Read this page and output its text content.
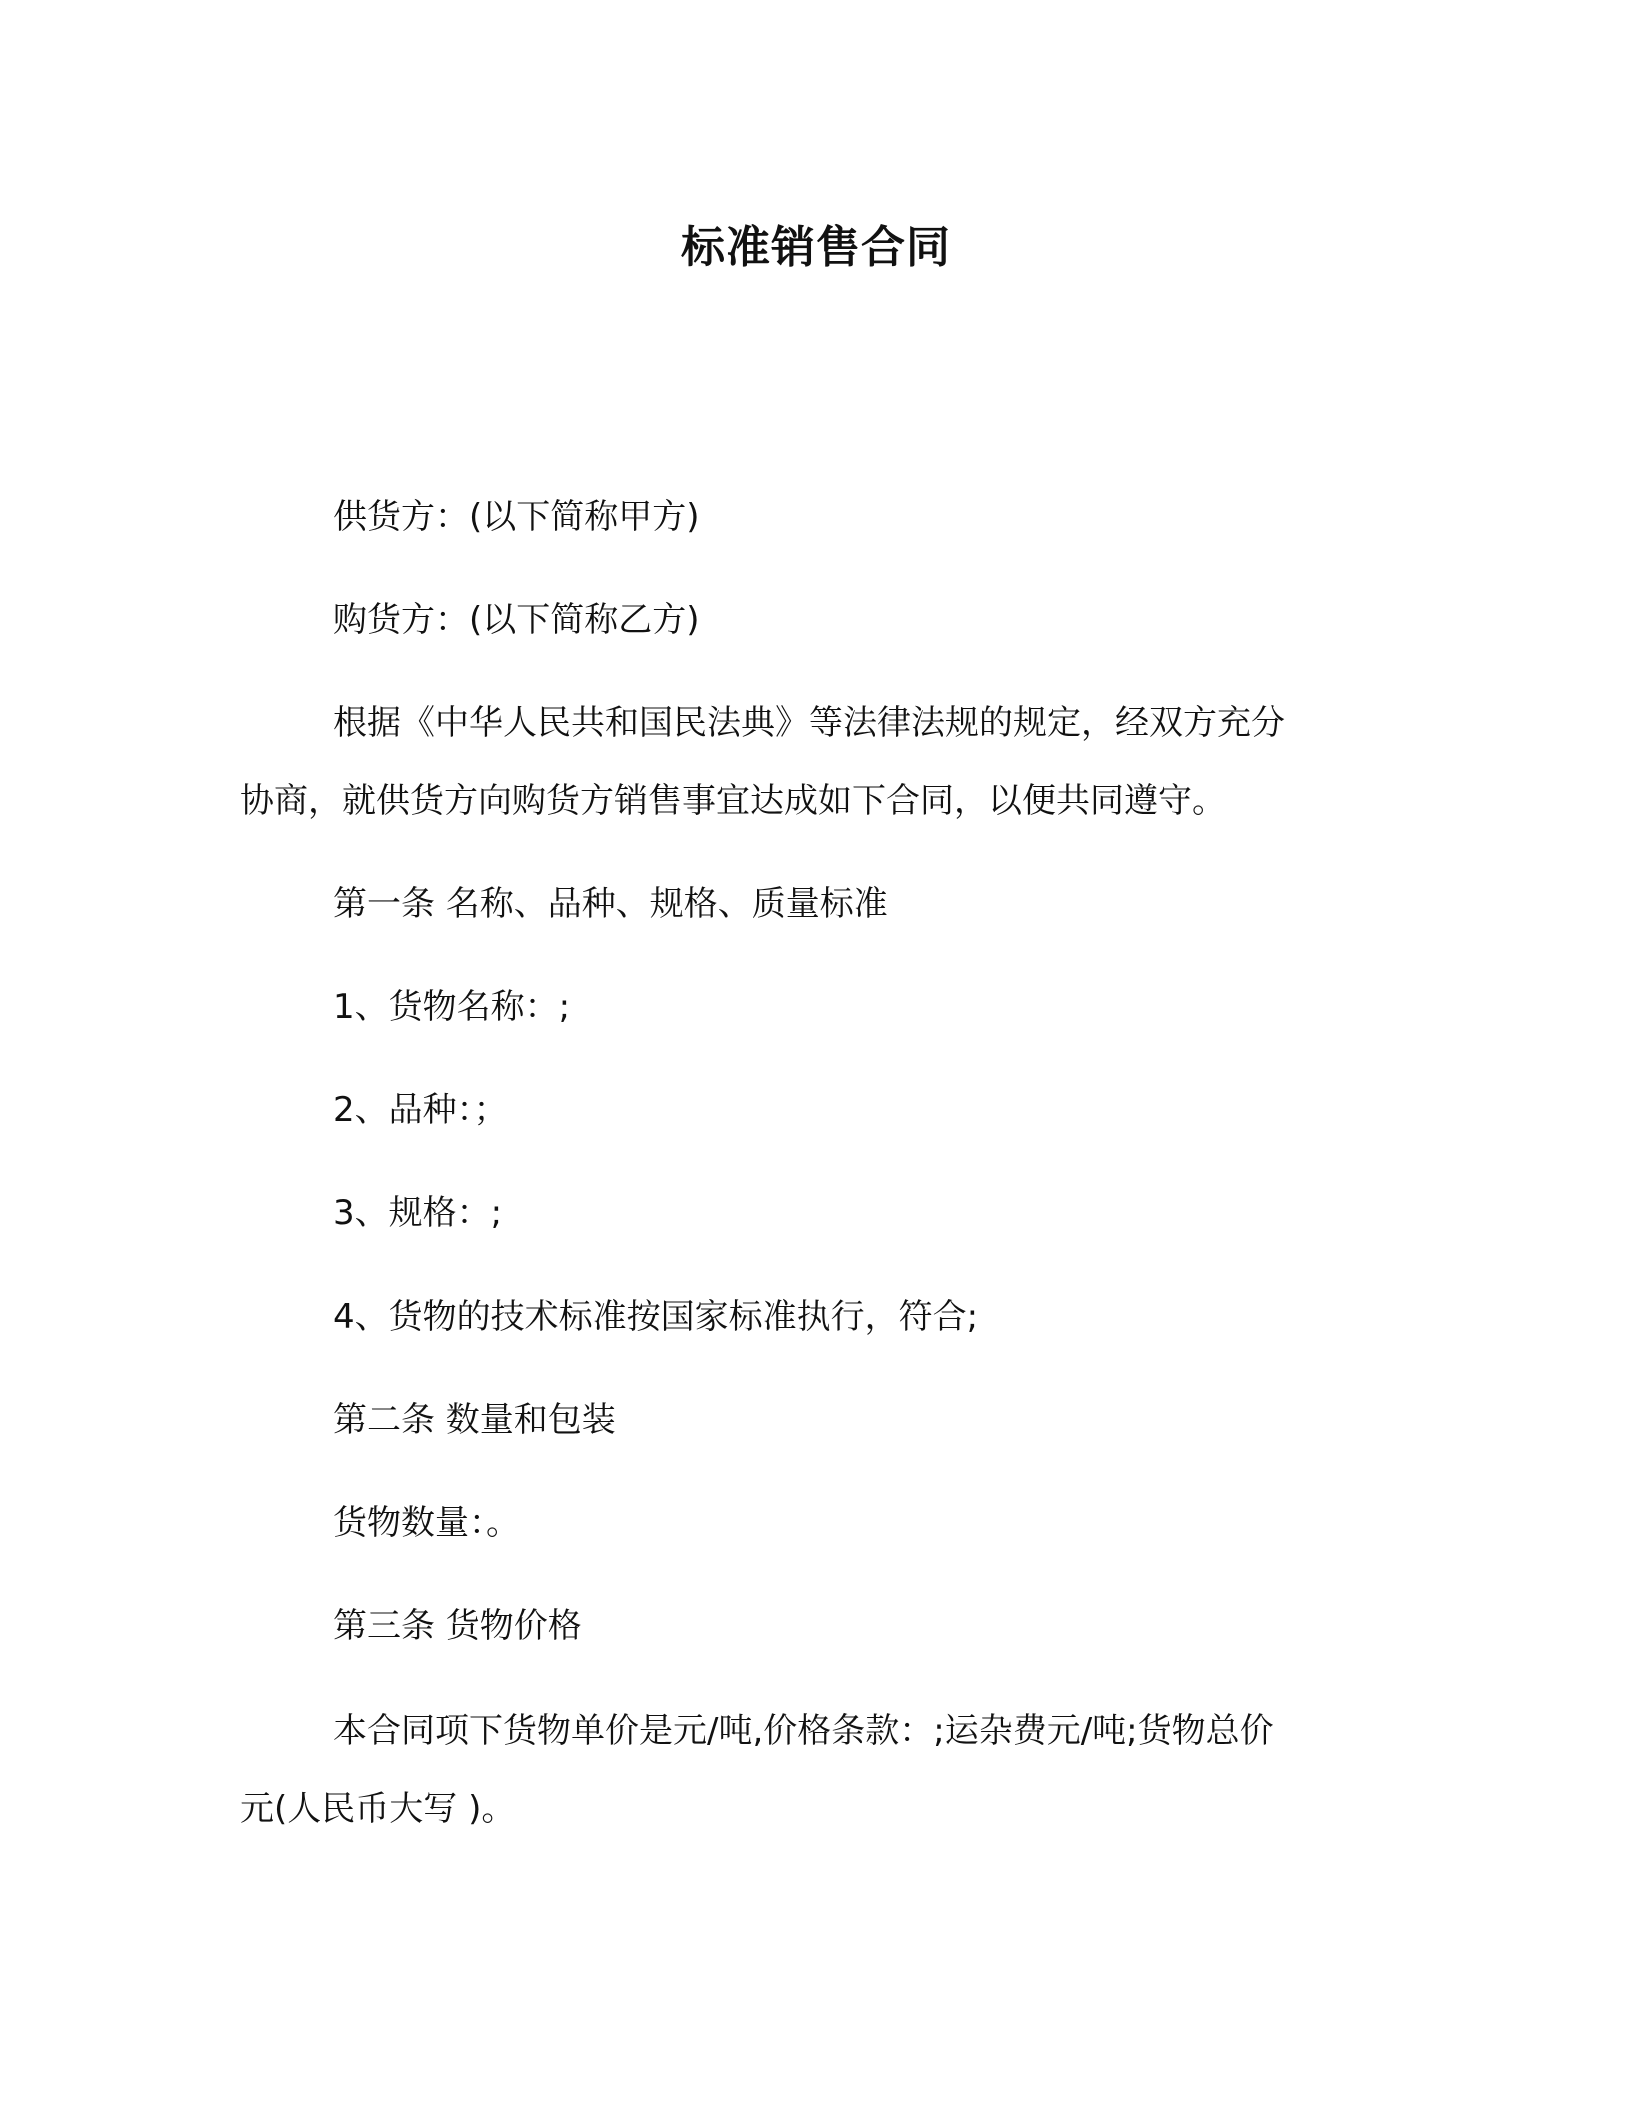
标准销售合同
供货方：(以下简称甲方)
购货方：(以下简称乙方)
根据《中华人民共和国民法典》等法律法规的规定，经双方充分
协商，就供货方向购货方销售事宜达成如下合同，以便共同遵守。
第一条 名称、品种、规格、质量标准
1、货物名称：;
2、品种：；
3、规格：;
4、货物的技术标准按国家标准执行，符合;
第二条 数量和包装
货物数量：。
第三条 货物价格
本合同项下货物单价是元/吨,价格条款：;运杂费元/吨;货物总价
元(人民币大写 )。
